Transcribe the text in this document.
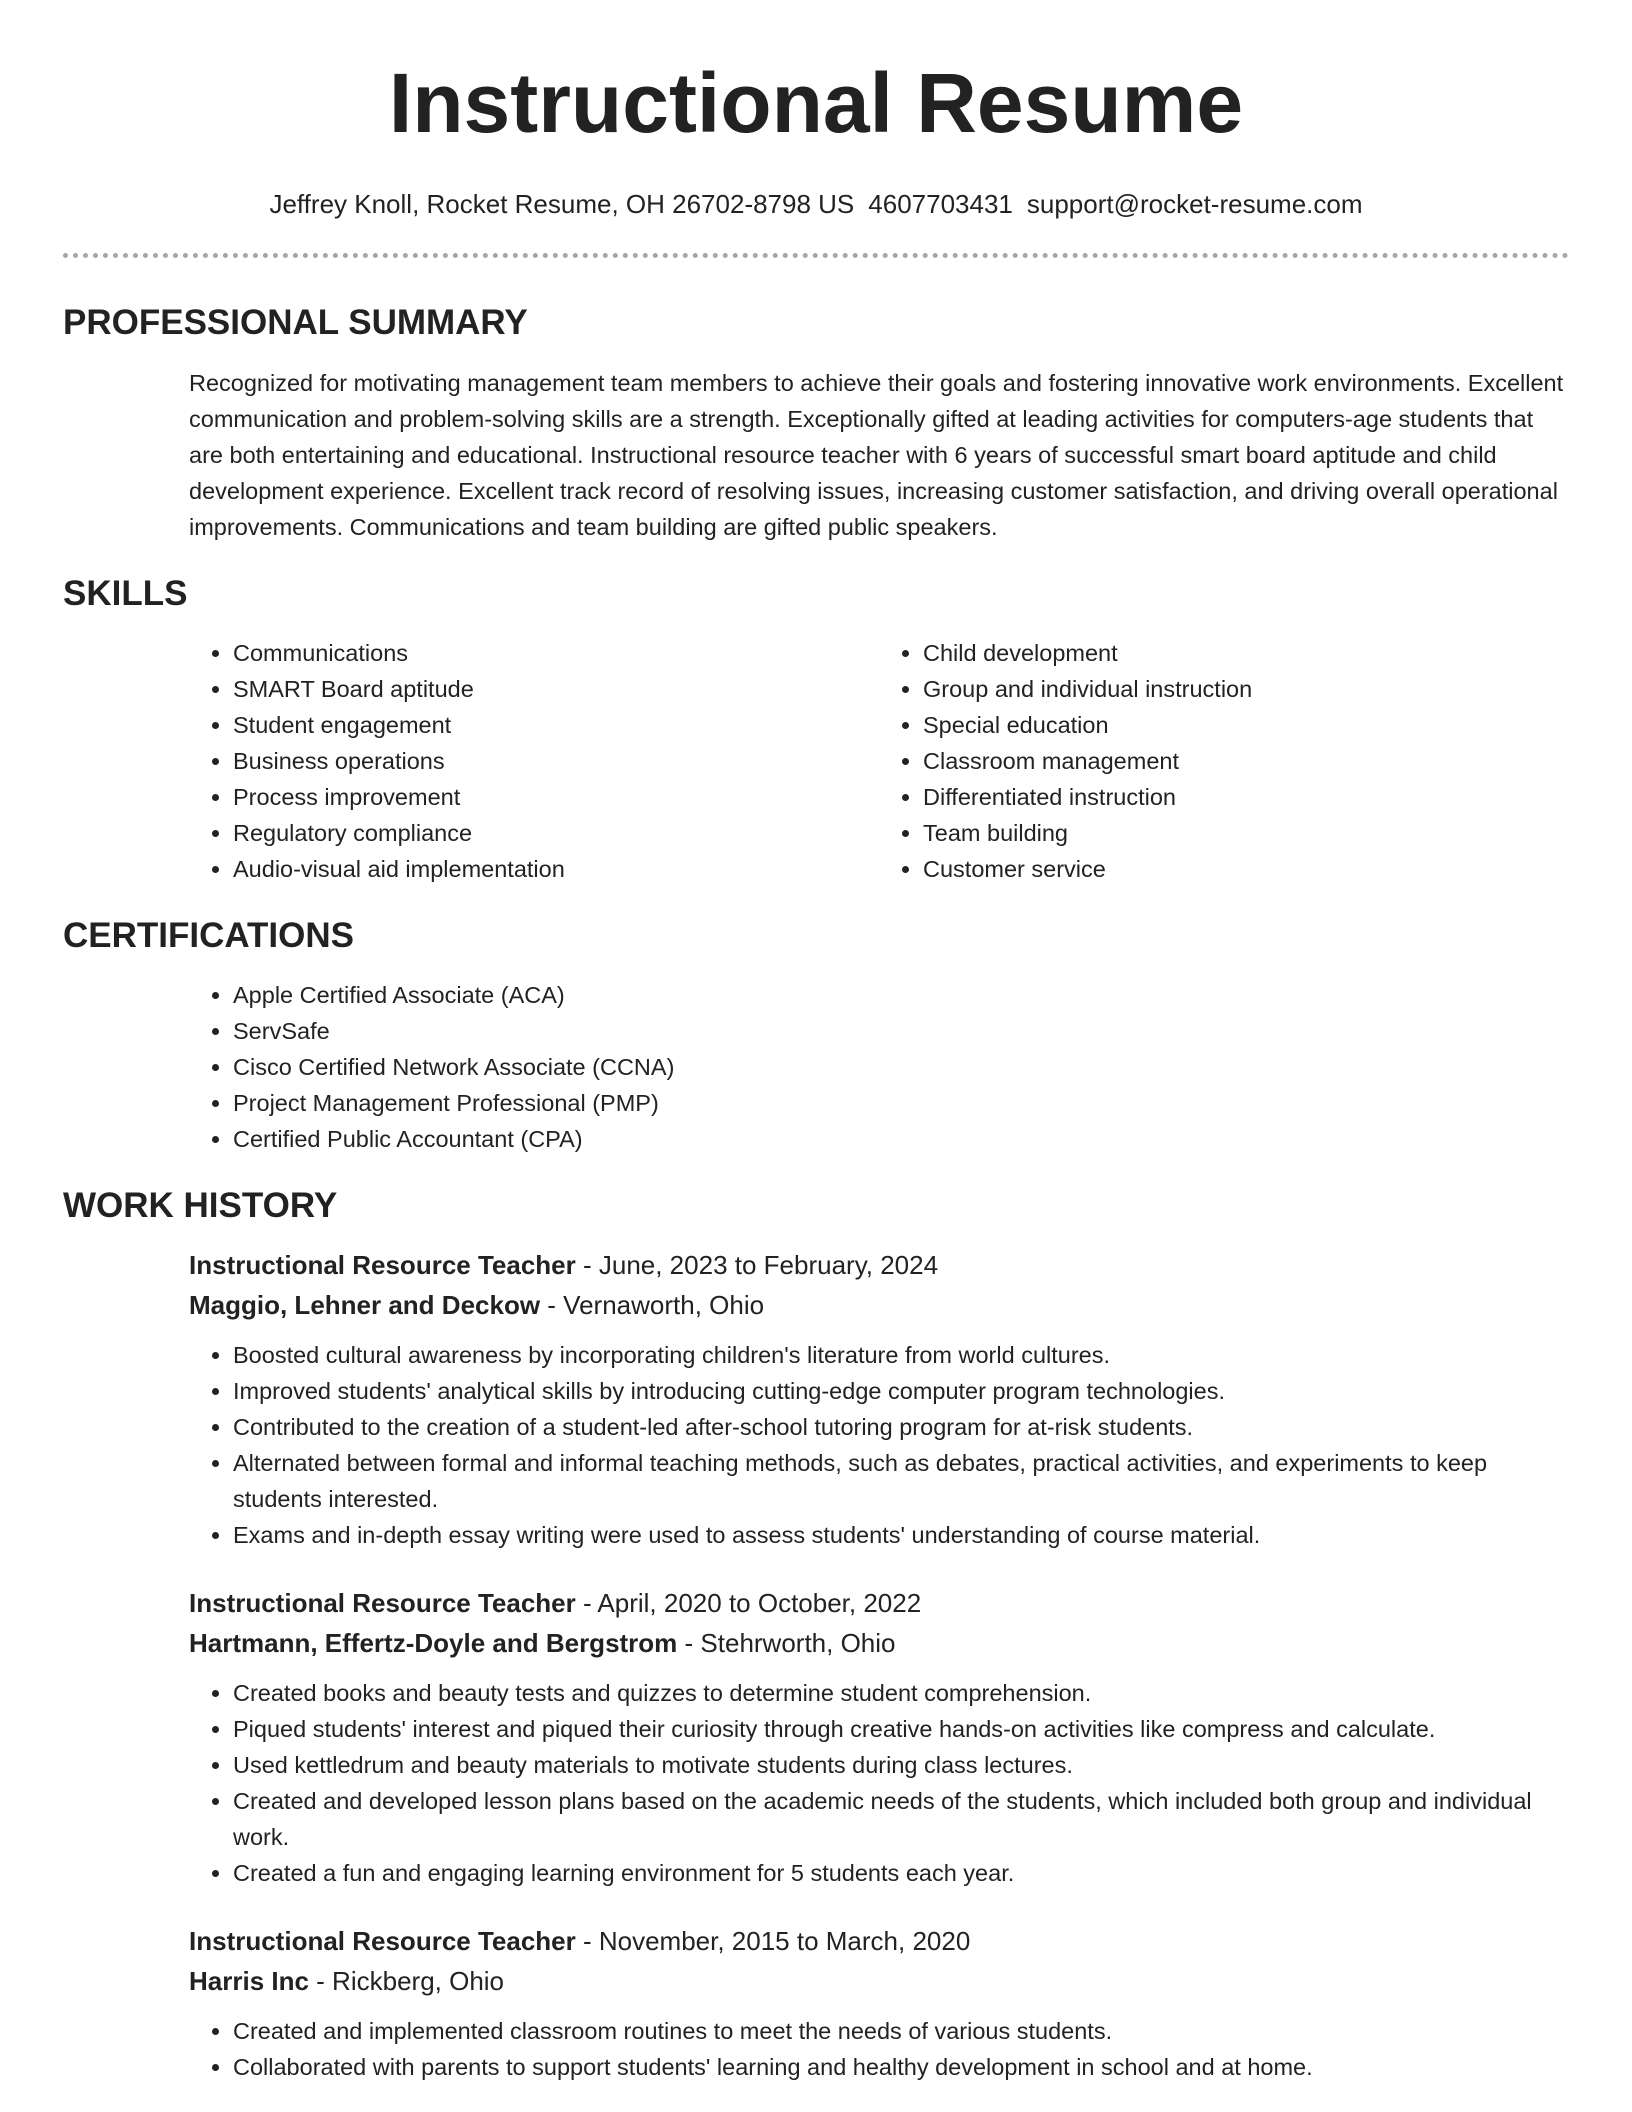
Instructional Resume
Jeffrey Knoll, Rocket Resume, OH 26702-8798 US 4607703431 support@rocket-resume.com
PROFESSIONAL SUMMARY

Recognized for motivating management team members to achieve their goals and fostering innovative work environments. Excellent communication and problem-solving skills are a strength. Exceptionally gifted at leading activities for computers-age students that are both entertaining and educational. Instructional resource teacher with 6 years of successful smart board aptitude and child development experience. Excellent track record of resolving issues, increasing customer satisfaction, and driving overall operational improvements. Communications and team building are gifted public speakers.

SKILLS
• Communications
• SMART Board aptitude
• Student engagement
• Business operations
• Process improvement
• Regulatory compliance
• Audio-visual aid implementation
• Child development
• Group and individual instruction
• Special education
• Classroom management
• Differentiated instruction
• Team building
• Customer service
CERTIFICATIONS
• Apple Certified Associate (ACA)
• ServSafe
• Cisco Certified Network Associate (CCNA)
• Project Management Professional (PMP)
• Certified Public Accountant (CPA)
WORK HISTORY
Instructional Resource Teacher - June, 2023 to February, 2024
Maggio, Lehner and Deckow - Vernaworth, Ohio
• Boosted cultural awareness by incorporating children's literature from world cultures.
• Improved students' analytical skills by introducing cutting-edge computer program technologies.
• Contributed to the creation of a student-led after-school tutoring program for at-risk students.
• Alternated between formal and informal teaching methods, such as debates, practical activities, and experiments to keep students interested.
• Exams and in-depth essay writing were used to assess students' understanding of course material.
Instructional Resource Teacher - April, 2020 to October, 2022
Hartmann, Effertz-Doyle and Bergstrom - Stehrworth, Ohio
• Created books and beauty tests and quizzes to determine student comprehension.
• Piqued students' interest and piqued their curiosity through creative hands-on activities like compress and calculate.
• Used kettledrum and beauty materials to motivate students during class lectures.
• Created and developed lesson plans based on the academic needs of the students, which included both group and individual work.
• Created a fun and engaging learning environment for 5 students each year.
Instructional Resource Teacher - November, 2015 to March, 2020
Harris Inc - Rickberg, Ohio
• Created and implemented classroom routines to meet the needs of various students.
• Collaborated with parents to support students' learning and healthy development in school and at home.
